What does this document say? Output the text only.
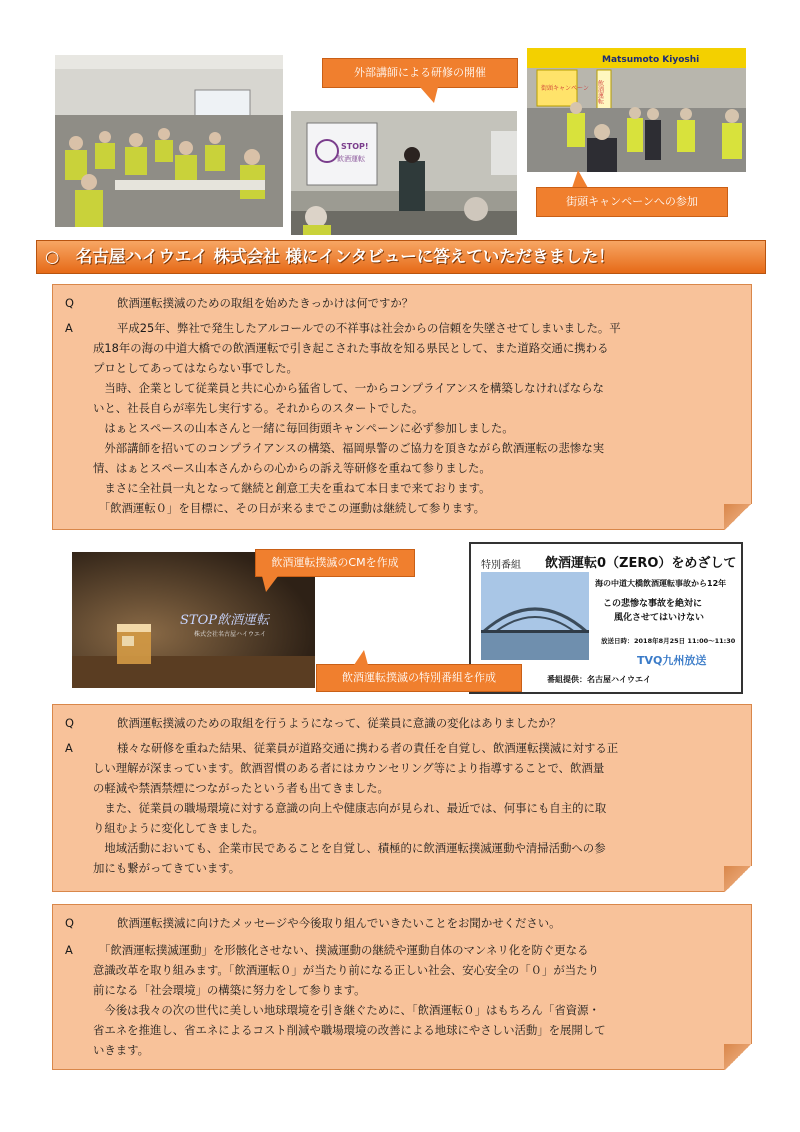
STOP!
飲酒運転
Matsumoto Kiyoshi
街頭キャンペーン 飲酒運転
外部講師による研修の開催
街頭キャンペーンへの参加
○　名古屋ハイウエイ 株式会社 様にインタビューに答えていただきました！
Q	飲酒運転撲滅のための取組を始めたきっかけは何ですか？
A	平成25年、弊社で発生したアルコールでの不祥事は社会からの信頼を失墜させてしまいました。平
成18年の海の中道大橋での飲酒運転で引き起こされた事故を知る県民として、また道路交通に携わる
プロとしてあってはならない事でした。
　当時、企業として従業員と共に心から猛省して、一からコンプライアンスを構築しなければならな
いと、社長自らが率先し実行する。それからのスタートでした。
　はぁとスペースの山本さんと一緒に毎回街頭キャンペーンに必ず参加しました。
　外部講師を招いてのコンプライアンスの構築、福岡県警のご協力を頂きながら飲酒運転の悲惨な実
情、はぁとスペース山本さんからの心からの訴え等研修を重ねて参りました。
　まさに全社員一丸となって継続と創意工夫を重ねて本日まで来ております。
　「飲酒運転０」を目標に、その日が来るまでこの運動は継続して参ります。
STOP飲酒運転
株式会社名古屋ハイウエイ
飲酒運転撲滅のCMを作成	特別番組 飲酒運転0（ZERO）をめざして
海の中道大橋飲酒運転事故から12年
この悲惨な事故を絶対に
風化させてはいけない
放送日時： 2018年8月25日 11:00～11:30
TVQ九州放送
番組提供：名古屋ハイウエイ
飲酒運転撲滅の特別番組を作成
Q	飲酒運転撲滅のための取組を行うようになって、従業員に意識の変化はありましたか？
A	様々な研修を重ねた結果、従業員が道路交通に携わる者の責任を自覚し、飲酒運転撲滅に対する正
しい理解が深まっています。飲酒習慣のある者にはカウンセリング等により指導することで、飲酒量
の軽減や禁酒禁煙につながったという者も出てきました。
　また、従業員の職場環境に対する意識の向上や健康志向が見られ、最近では、何事にも自主的に取
り組むように変化してきました。
　地域活動においても、企業市民であることを自覚し、積極的に飲酒運転撲滅運動や清掃活動への参
加にも繋がってきています。
Q	飲酒運転撲滅に向けたメッセージや今後取り組んでいきたいことをお聞かせください。
A	「飲酒運転撲滅運動」を形骸化させない、撲滅運動の継続や運動自体のマンネリ化を防ぐ更なる
意識改革を取り組みます。「飲酒運転０」が当たり前になる正しい社会、安心安全の「０」が当たり
前になる「社会環境」の構築に努力をして参ります。
　今後は我々の次の世代に美しい地球環境を引き継ぐために、「飲酒運転０」はもちろん「省資源・
省エネを推進し、省エネによるコスト削減や職場環境の改善による地球にやさしい活動」を展開して
いきます。
